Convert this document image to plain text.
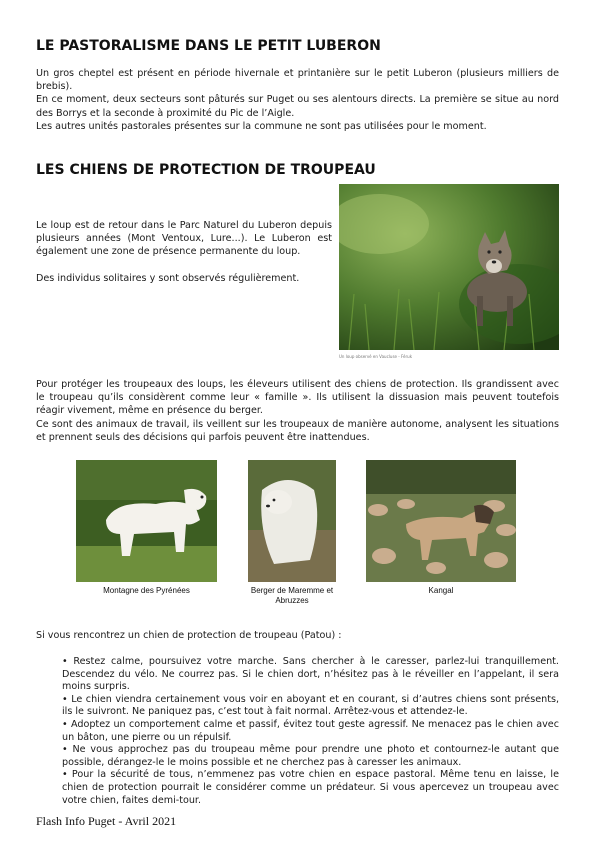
LE PASTORALISME DANS LE PETIT LUBERON

Un gros cheptel est présent en période hivernale et printanière sur le petit Luberon (plusieurs milliers de brebis).

En ce moment, deux secteurs sont pâturés sur Puget ou ses alentours directs. La première se situe au nord des Borrys et la seconde à proximité du Pic de l’Aigle.

Les autres unités pastorales présentes sur la commune ne sont pas utilisées pour le moment.

LES CHIENS DE PROTECTION DE TROUPEAU

Le loup est de retour dans le Parc Naturel du Luberon depuis plusieurs années (Mont Ventoux, Lure...). Le Luberon est également une zone de présence permanente du loup.

Des individus solitaires y sont observés régulièrement.

Un loup observé en Vaucluse - Féruk

Pour protéger les troupeaux des loups, les éleveurs utilisent des chiens de protection. Ils grandissent avec le troupeau qu’ils considèrent comme leur « famille ». Ils utilisent la dissuasion mais peuvent toutefois réagir vivement, même en présence du berger.

Ce sont des animaux de travail, ils veillent sur les troupeaux de manière autonome, analysent les situations et prennent seuls des décisions qui parfois peuvent être inattendues.

Montagne des Pyrénées	Berger de Maremme et Abruzzes
Kangal

Si vous rencontrez un chien de protection de troupeau (Patou) :

• Restez calme, poursuivez votre marche. Sans chercher à le caresser, parlez-lui tranquillement. Descendez du vélo. Ne courrez pas. Si le chien dort, n’hésitez pas à le réveiller en l’appelant, il sera moins surpris.
• Le chien viendra certainement vous voir en aboyant et en courant, si d’autres chiens sont présents, ils le suivront. Ne paniquez pas, c’est tout à fait normal. Arrêtez-vous et attendez-le.
• Adoptez un comportement calme et passif, évitez tout geste agressif. Ne menacez pas le chien avec un bâton, une pierre ou un répulsif.
• Ne vous approchez pas du troupeau même pour prendre une photo et contournez-le autant que possible, dérangez-le le moins possible et ne cherchez pas à caresser les animaux.
• Pour la sécurité de tous, n’emmenez pas votre chien en espace pastoral. Même tenu en laisse, le chien de protection pourrait le considérer comme un prédateur. Si vous apercevez un troupeau avec votre chien, faites demi-tour.
Flash Info Puget - Avril 2021
